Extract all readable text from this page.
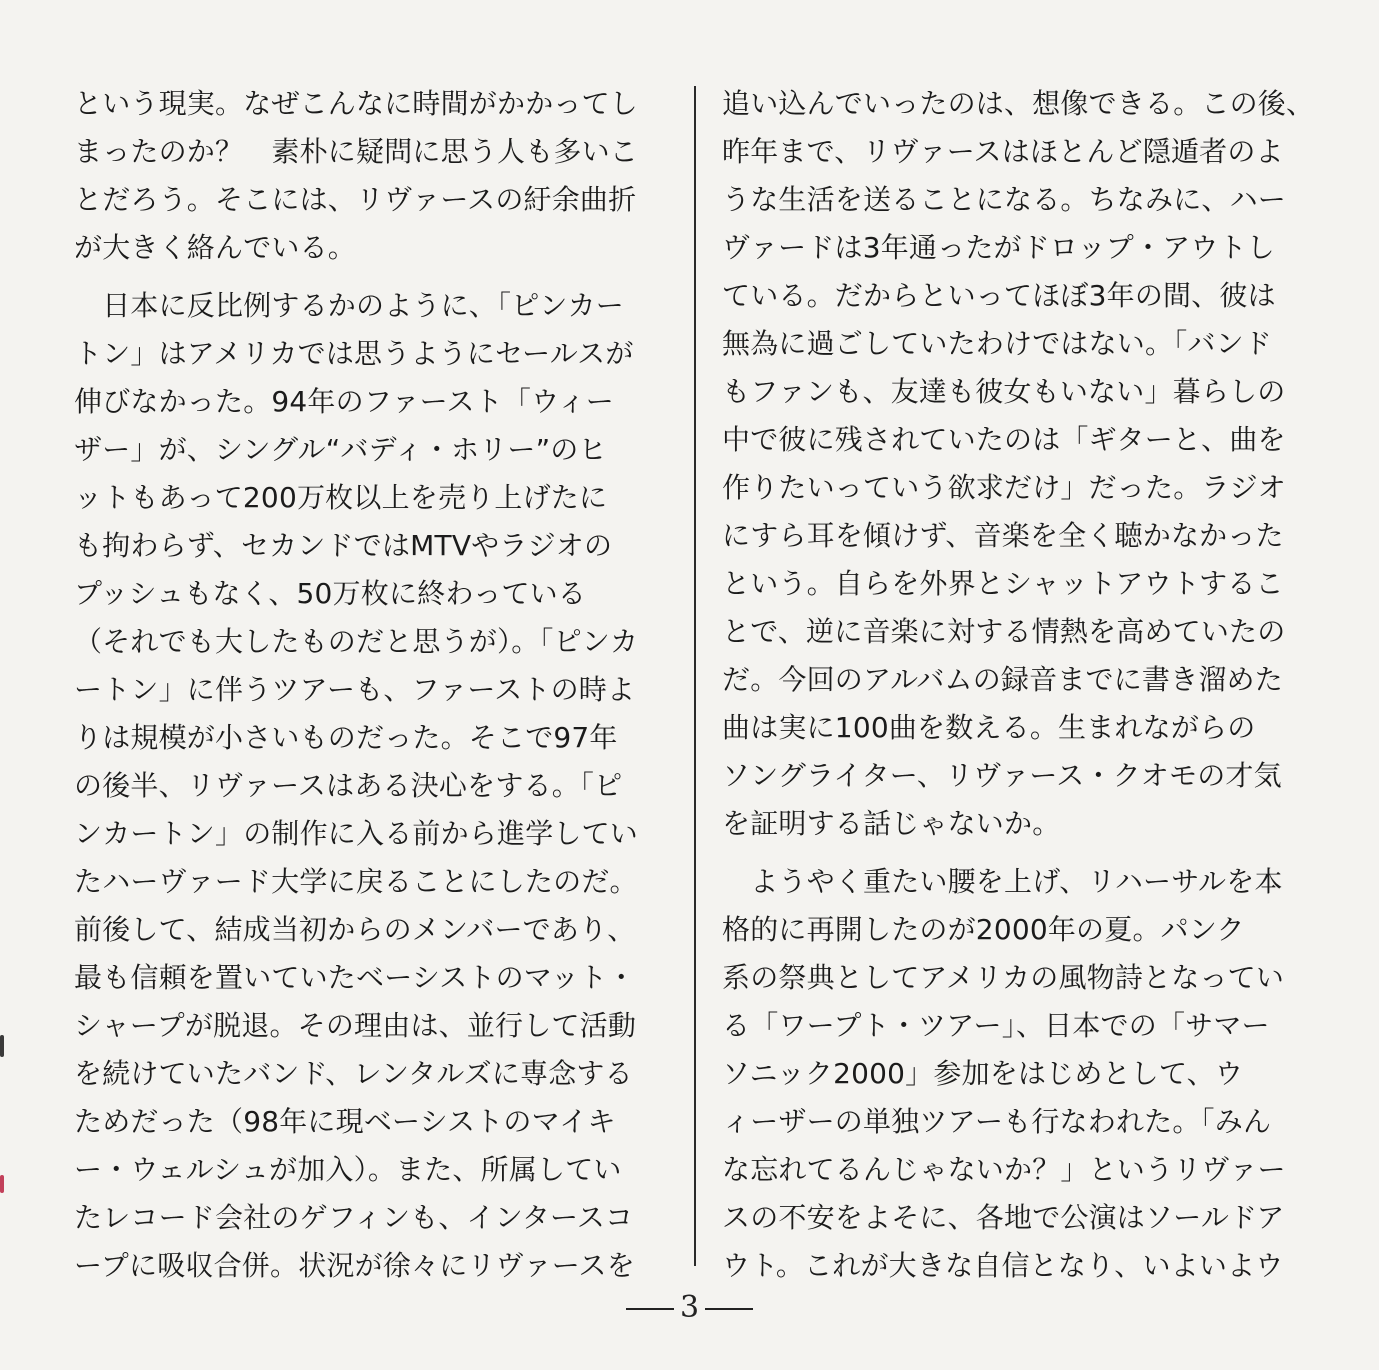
という現実。なぜこんなに時間がかかってし
まったのか？　素朴に疑問に思う人も多いこ
とだろう。そこには、リヴァースの紆余曲折
が大きく絡んでいる。
　日本に反比例するかのように、「ピンカー
トン」はアメリカでは思うようにセールスが
伸びなかった。94年のファースト「ウィー
ザー」が、シングル“バディ・ホリー”のヒ
ットもあって200万枚以上を売り上げたに
も拘わらず、セカンドではMTVやラジオの
プッシュもなく、50万枚に終わっている
（それでも大したものだと思うが）。「ピンカ
ートン」に伴うツアーも、ファーストの時よ
りは規模が小さいものだった。そこで97年
の後半、リヴァースはある決心をする。「ピ
ンカートン」の制作に入る前から進学してい
たハーヴァード大学に戻ることにしたのだ。
前後して、結成当初からのメンバーであり、
最も信頼を置いていたベーシストのマット・
シャープが脱退。その理由は、並行して活動
を続けていたバンド、レンタルズに専念する
ためだった（98年に現ベーシストのマイキ
ー・ウェルシュが加入）。また、所属してい
たレコード会社のゲフィンも、インタースコ
ープに吸収合併。状況が徐々にリヴァースを
追い込んでいったのは、想像できる。この後、
昨年まで、リヴァースはほとんど隠遁者のよ
うな生活を送ることになる。ちなみに、ハー
ヴァードは3年通ったがドロップ・アウトし
ている。だからといってほぼ3年の間、彼は
無為に過ごしていたわけではない。「バンド
もファンも、友達も彼女もいない」暮らしの
中で彼に残されていたのは「ギターと、曲を
作りたいっていう欲求だけ」だった。ラジオ
にすら耳を傾けず、音楽を全く聴かなかった
という。自らを外界とシャットアウトするこ
とで、逆に音楽に対する情熱を高めていたの
だ。今回のアルバムの録音までに書き溜めた
曲は実に100曲を数える。生まれながらの
ソングライター、リヴァース・クオモの才気
を証明する話じゃないか。
　ようやく重たい腰を上げ、リハーサルを本
格的に再開したのが2000年の夏。パンク
系の祭典としてアメリカの風物詩となってい
る「ワープト・ツアー」、日本での「サマー
ソニック2000」参加をはじめとして、ウ
ィーザーの単独ツアーも行なわれた。「みん
な忘れてるんじゃないか？」というリヴァー
スの不安をよそに、各地で公演はソールドア
ウト。これが大きな自信となり、いよいよウ
3
